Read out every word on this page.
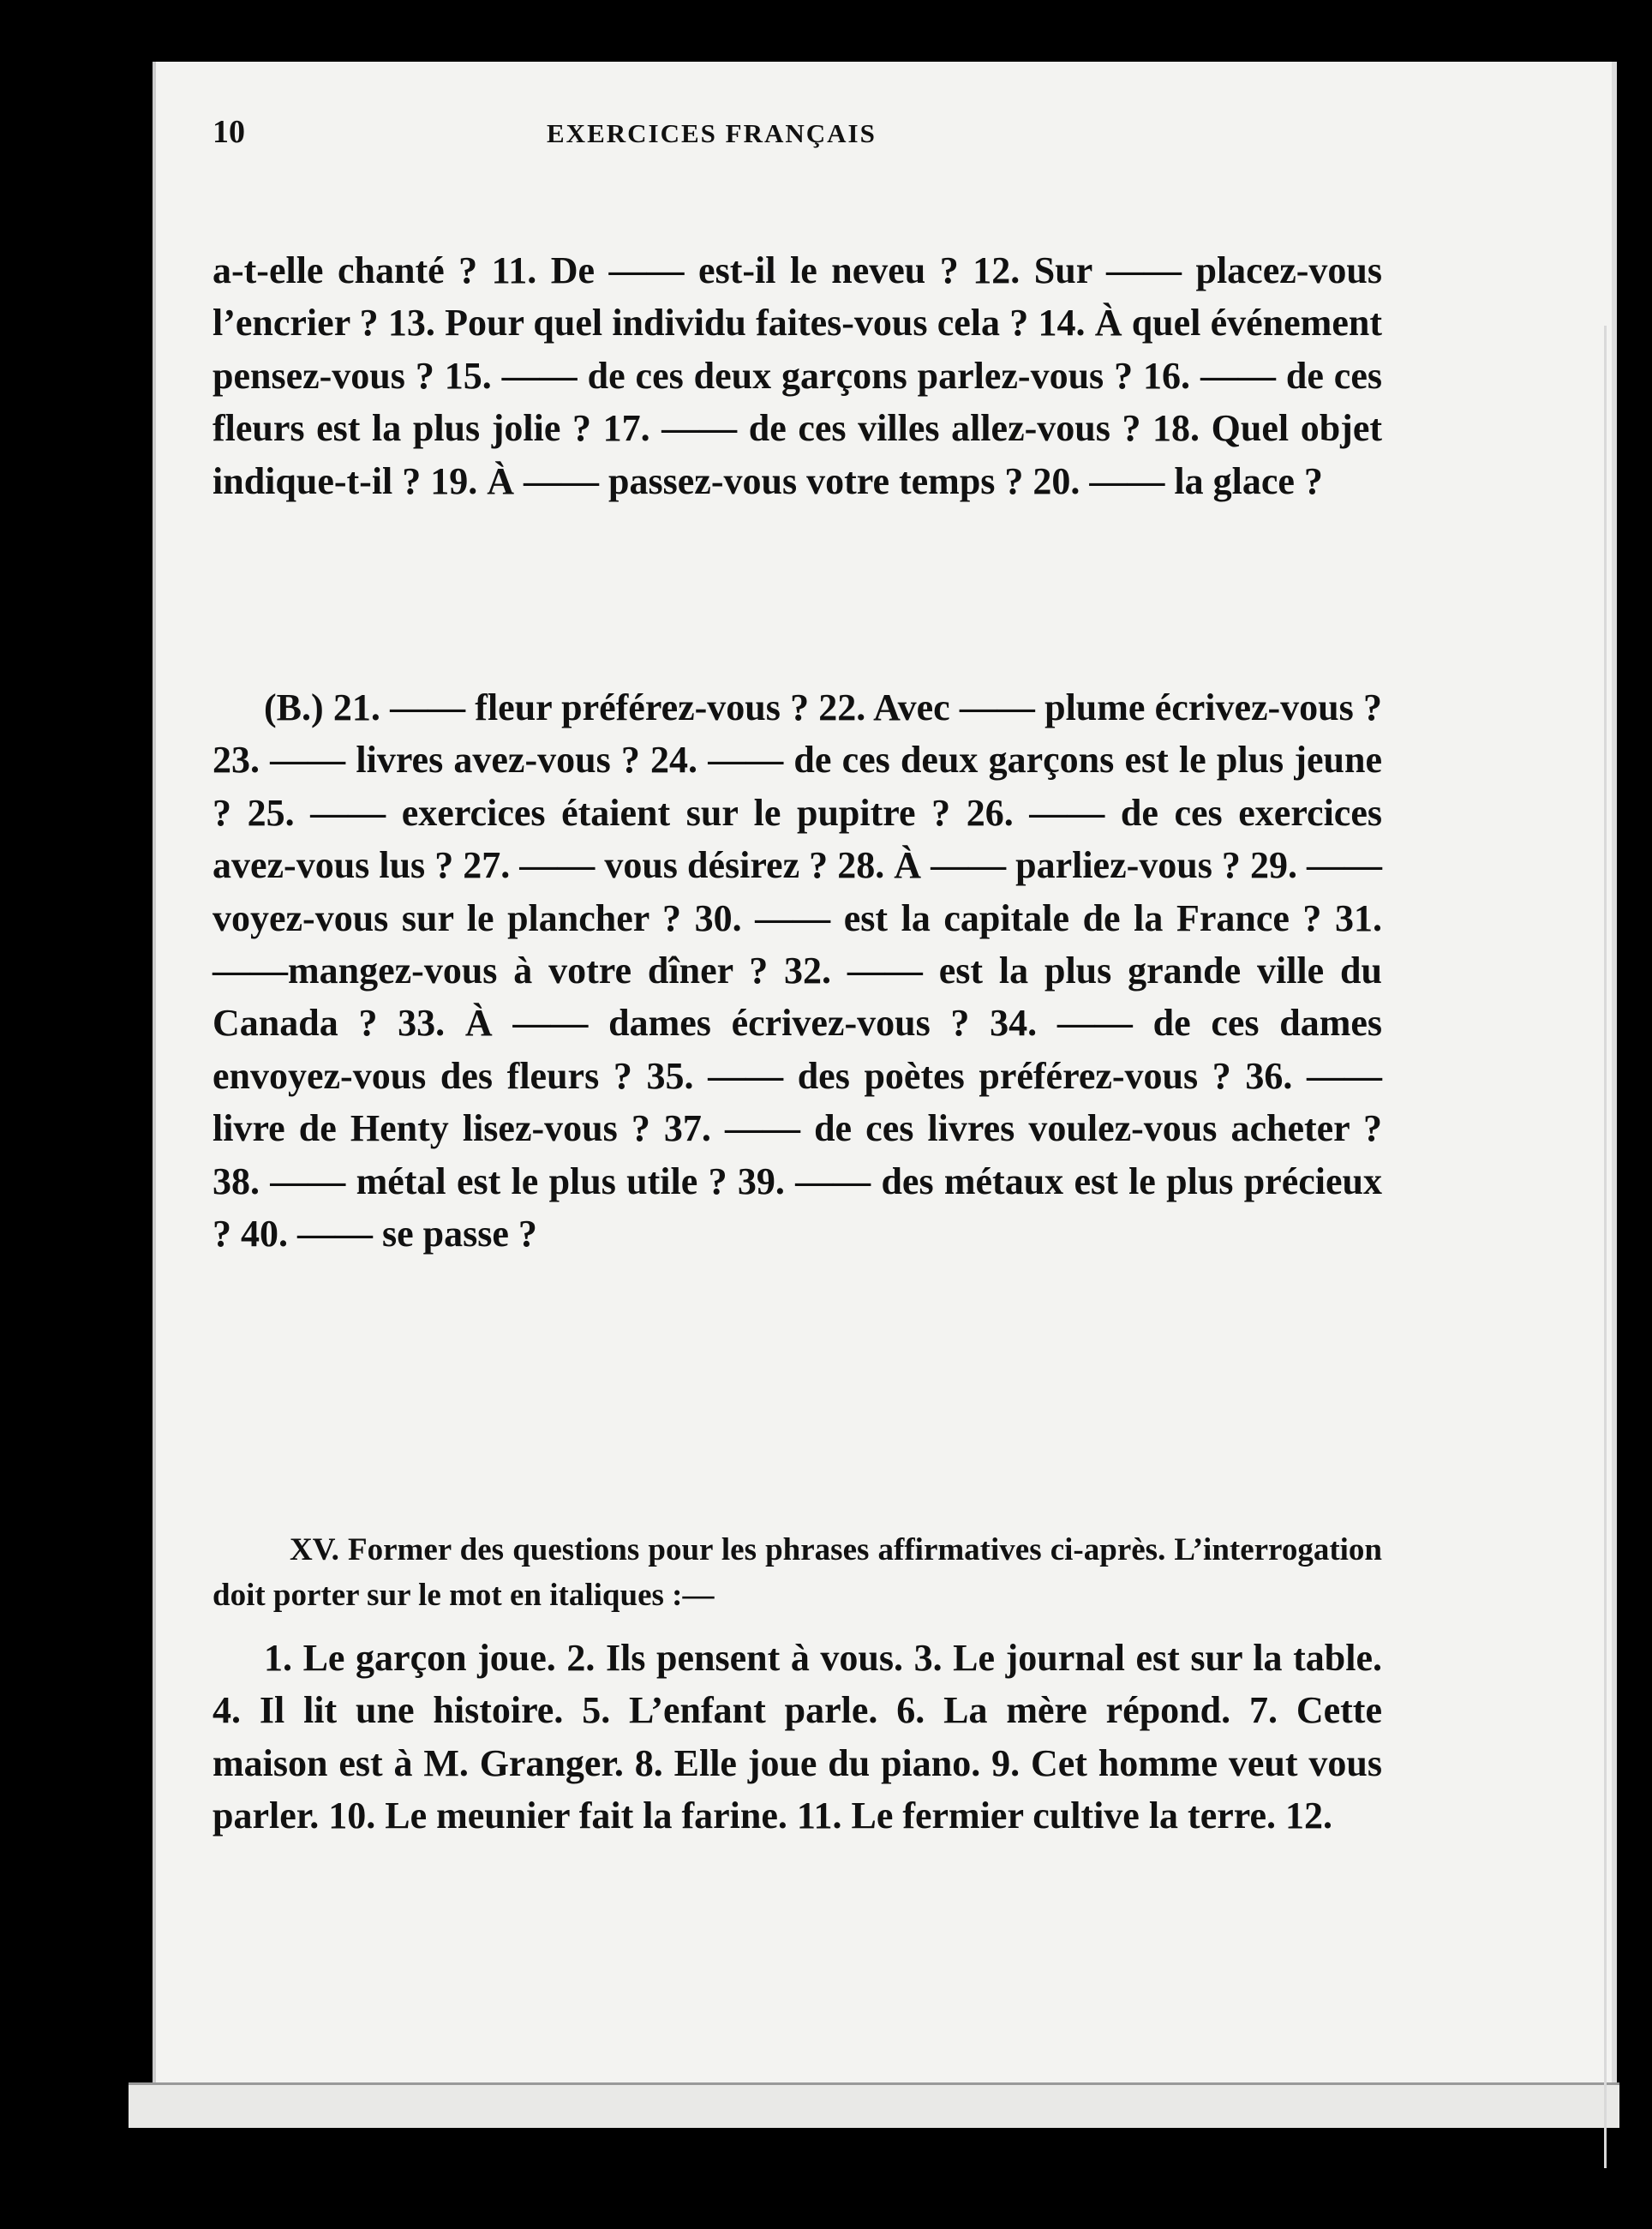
10	EXERCICES FRANÇAIS

a-t-elle chanté ? 11. De —— est-il le neveu ? 12. Sur —— placez-vous l’encrier ? 13. Pour quel individu faites-vous cela ? 14. À quel événement pensez-vous ? 15. —— de ces deux garçons parlez-vous ? 16. —— de ces fleurs est la plus jolie ? 17. —— de ces villes allez-vous ? 18. Quel objet indique-t-il ? 19. À —— passez-vous votre temps ? 20. —— la glace ?

(B.) 21. —— fleur préférez-vous ? 22. Avec —— plume écrivez-vous ? 23. —— livres avez-vous ? 24. —— de ces deux garçons est le plus jeune ? 25. —— exercices étaient sur le pupitre ? 26. —— de ces exercices avez-vous lus ? 27. —— vous désirez ? 28. À —— parliez-vous ? 29. —— voyez-vous sur le plancher ? 30. —— est la capitale de la France ? 31. ——mangez-vous à votre dîner ? 32. —— est la plus grande ville du Canada ? 33. À —— dames écrivez-vous ? 34. —— de ces dames envoyez-vous des fleurs ? 35. —— des poètes préférez-vous ? 36. —— livre de Henty lisez-vous ? 37. —— de ces livres voulez-vous acheter ? 38. —— métal est le plus utile ? 39. —— des métaux est le plus précieux ? 40. —— se passe ?

XV. Former des questions pour les phrases affirmatives ci-après. L’interrogation doit porter sur le mot en italiques :—

1. Le garçon joue. 2. Ils pensent à vous. 3. Le journal est sur la table. 4. Il lit une histoire. 5. L’enfant parle. 6. La mère répond. 7. Cette maison est à M. Granger. 8. Elle joue du piano. 9. Cet homme veut vous parler. 10. Le meunier fait la farine. 11. Le fermier cultive la terre. 12.
